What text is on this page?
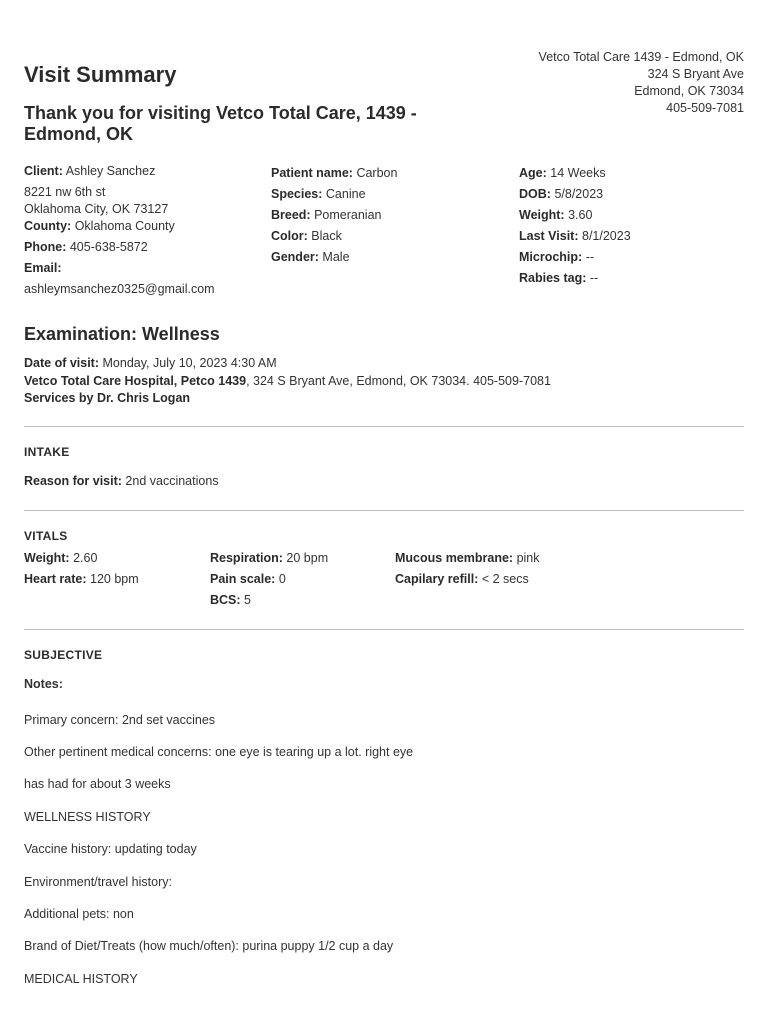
Vetco Total Care 1439 - Edmond, OK
324 S Bryant Ave
Edmond, OK 73034
405-509-7081
Visit Summary
Thank you for visiting Vetco Total Care, 1439 - Edmond, OK
Client: Ashley Sanchez
8221 nw 6th st
Oklahoma City, OK 73127
County: Oklahoma County
Phone: 405-638-5872
Email:
ashleymsanchez0325@gmail.com
Patient name: Carbon
Species: Canine
Breed: Pomeranian
Color: Black
Gender: Male
Age: 14 Weeks
DOB: 5/8/2023
Weight: 3.60
Last Visit: 8/1/2023
Microchip: --
Rabies tag: --
Examination: Wellness
Date of visit: Monday, July 10, 2023 4:30 AM
Vetco Total Care Hospital, Petco 1439, 324 S Bryant Ave, Edmond, OK 73034. 405-509-7081
Services by Dr. Chris Logan
INTAKE
Reason for visit: 2nd vaccinations
VITALS
Weight: 2.60
Heart rate: 120 bpm
Respiration: 20 bpm
Pain scale: 0
BCS: 5
Mucous membrane: pink
Capilary refill: < 2 secs
SUBJECTIVE
Notes:
Primary concern: 2nd set vaccines
Other pertinent medical concerns: one eye is tearing up a lot. right eye
has had for about 3 weeks
WELLNESS HISTORY
Vaccine history: updating today
Environment/travel history:
Additional pets: non
Brand of Diet/Treats (how much/often): purina puppy 1/2 cup a day
MEDICAL HISTORY
